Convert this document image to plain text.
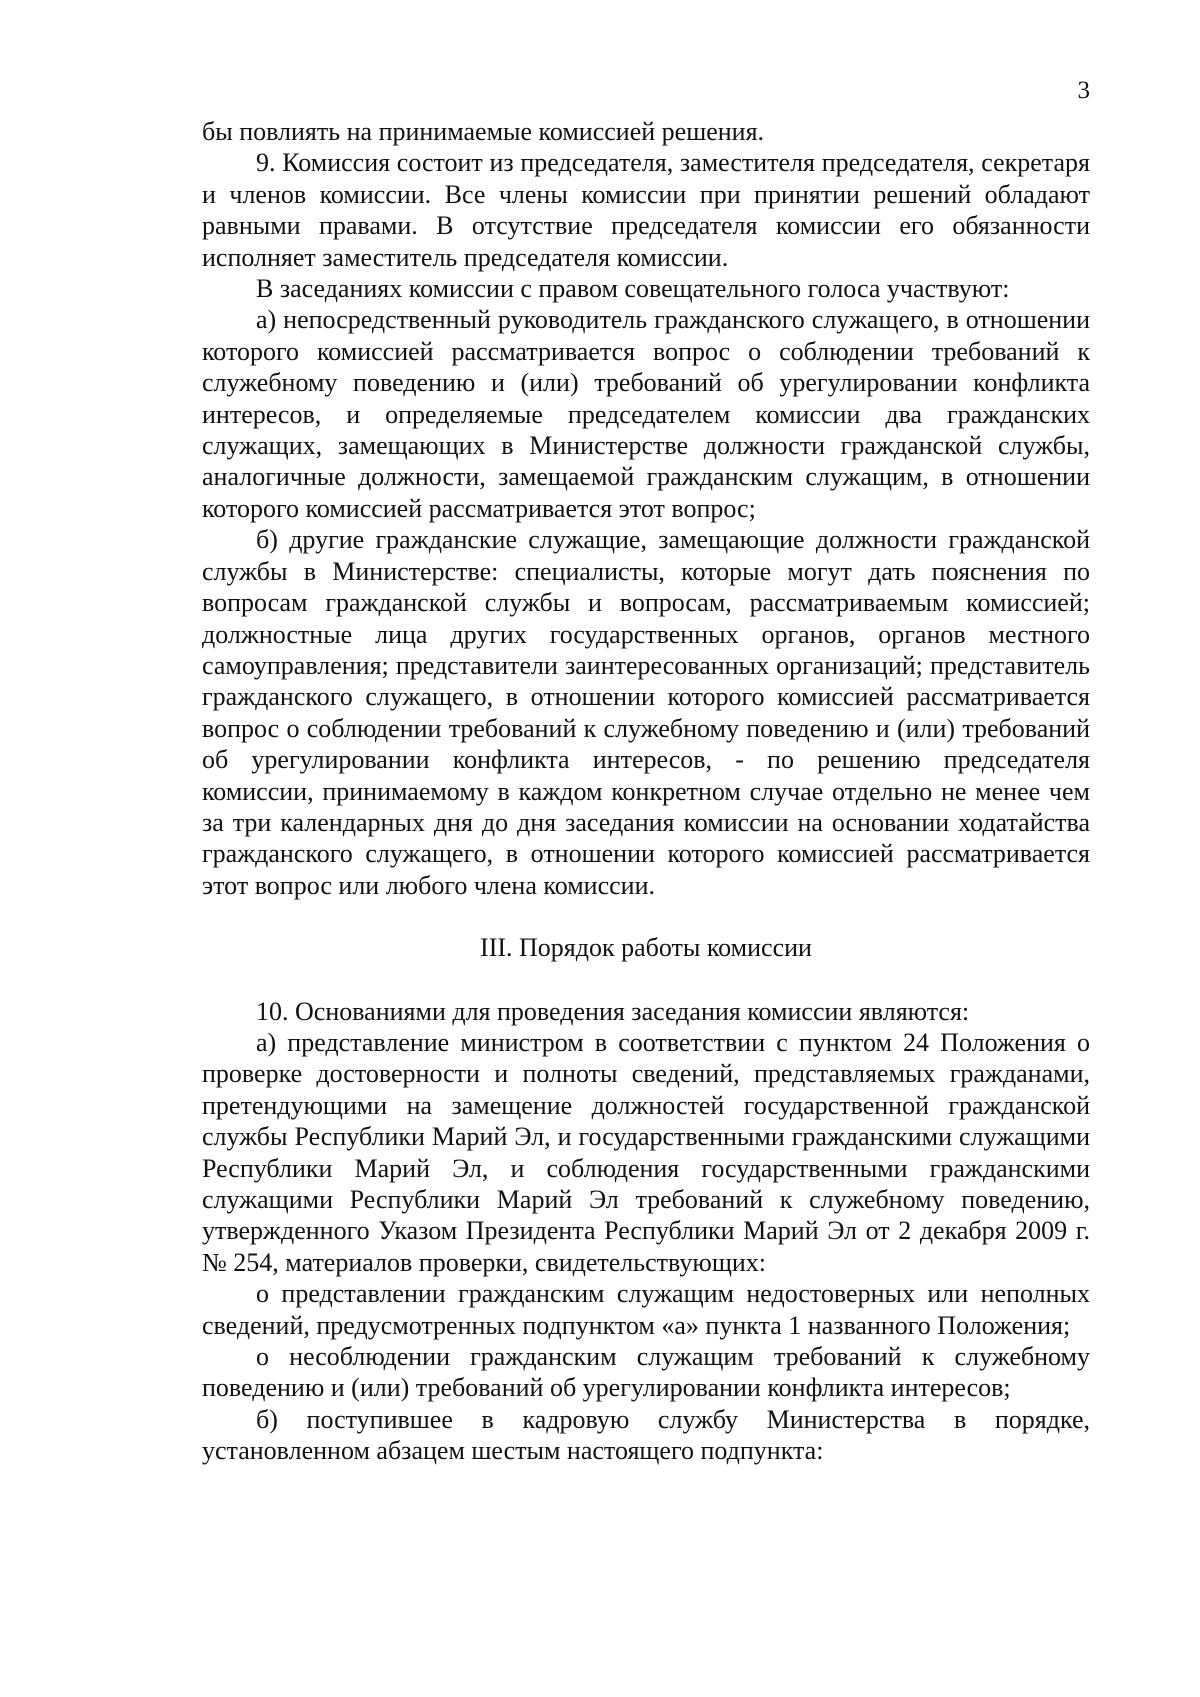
3

бы повлиять на принимаемые комиссией решения.

9. Комиссия состоит из председателя, заместителя председателя, секретаря и членов комиссии. Все члены комиссии при принятии решений обладают равными правами. В отсутствие председателя комиссии его обязанности исполняет заместитель председателя комиссии.

В заседаниях комиссии с правом совещательного голоса участвуют:

а) непосредственный руководитель гражданского служащего, в отношении которого комиссией рассматривается вопрос о соблюдении требований к служебному поведению и (или) требований об урегулировании конфликта интересов, и определяемые председателем комиссии два гражданских служащих, замещающих в Министерстве должности гражданской службы, аналогичные должности, замещаемой гражданским служащим, в отношении которого комиссией рассматривается этот вопрос;

б) другие гражданские служащие, замещающие должности гражданской службы в Министерстве: специалисты, которые могут дать пояснения по вопросам гражданской службы и вопросам, рассматриваемым комиссией; должностные лица других государственных органов, органов местного самоуправления; представители заинтересованных организаций; представитель гражданского служащего, в отношении которого комиссией рассматривается вопрос о соблюдении требований к служебному поведению и (или) требований об урегулировании конфликта интересов, - по решению председателя комиссии, принимаемому в каждом конкретном случае отдельно не менее чем за три календарных дня до дня заседания комиссии на основании ходатайства гражданского служащего, в отношении которого комиссией рассматривается этот вопрос или любого члена комиссии.

III. Порядок работы комиссии

10. Основаниями для проведения заседания комиссии являются:

а) представление министром в соответствии с пунктом 24 Положения о проверке достоверности и полноты сведений, представляемых гражданами, претендующими на замещение должностей государственной гражданской службы Республики Марий Эл, и государственными гражданскими служащими Республики Марий Эл, и соблюдения государственными гражданскими служащими Республики Марий Эл требований к служебному поведению, утвержденного Указом Президента Республики Марий Эл от 2 декабря 2009 г. № 254, материалов проверки, свидетельствующих:

о представлении гражданским служащим недостоверных или неполных сведений, предусмотренных подпунктом «а» пункта 1 названного Положения;

о несоблюдении гражданским служащим требований к служебному поведению и (или) требований об урегулировании конфликта интересов;

б) поступившее в кадровую службу Министерства в порядке, установленном абзацем шестым настоящего подпункта:
